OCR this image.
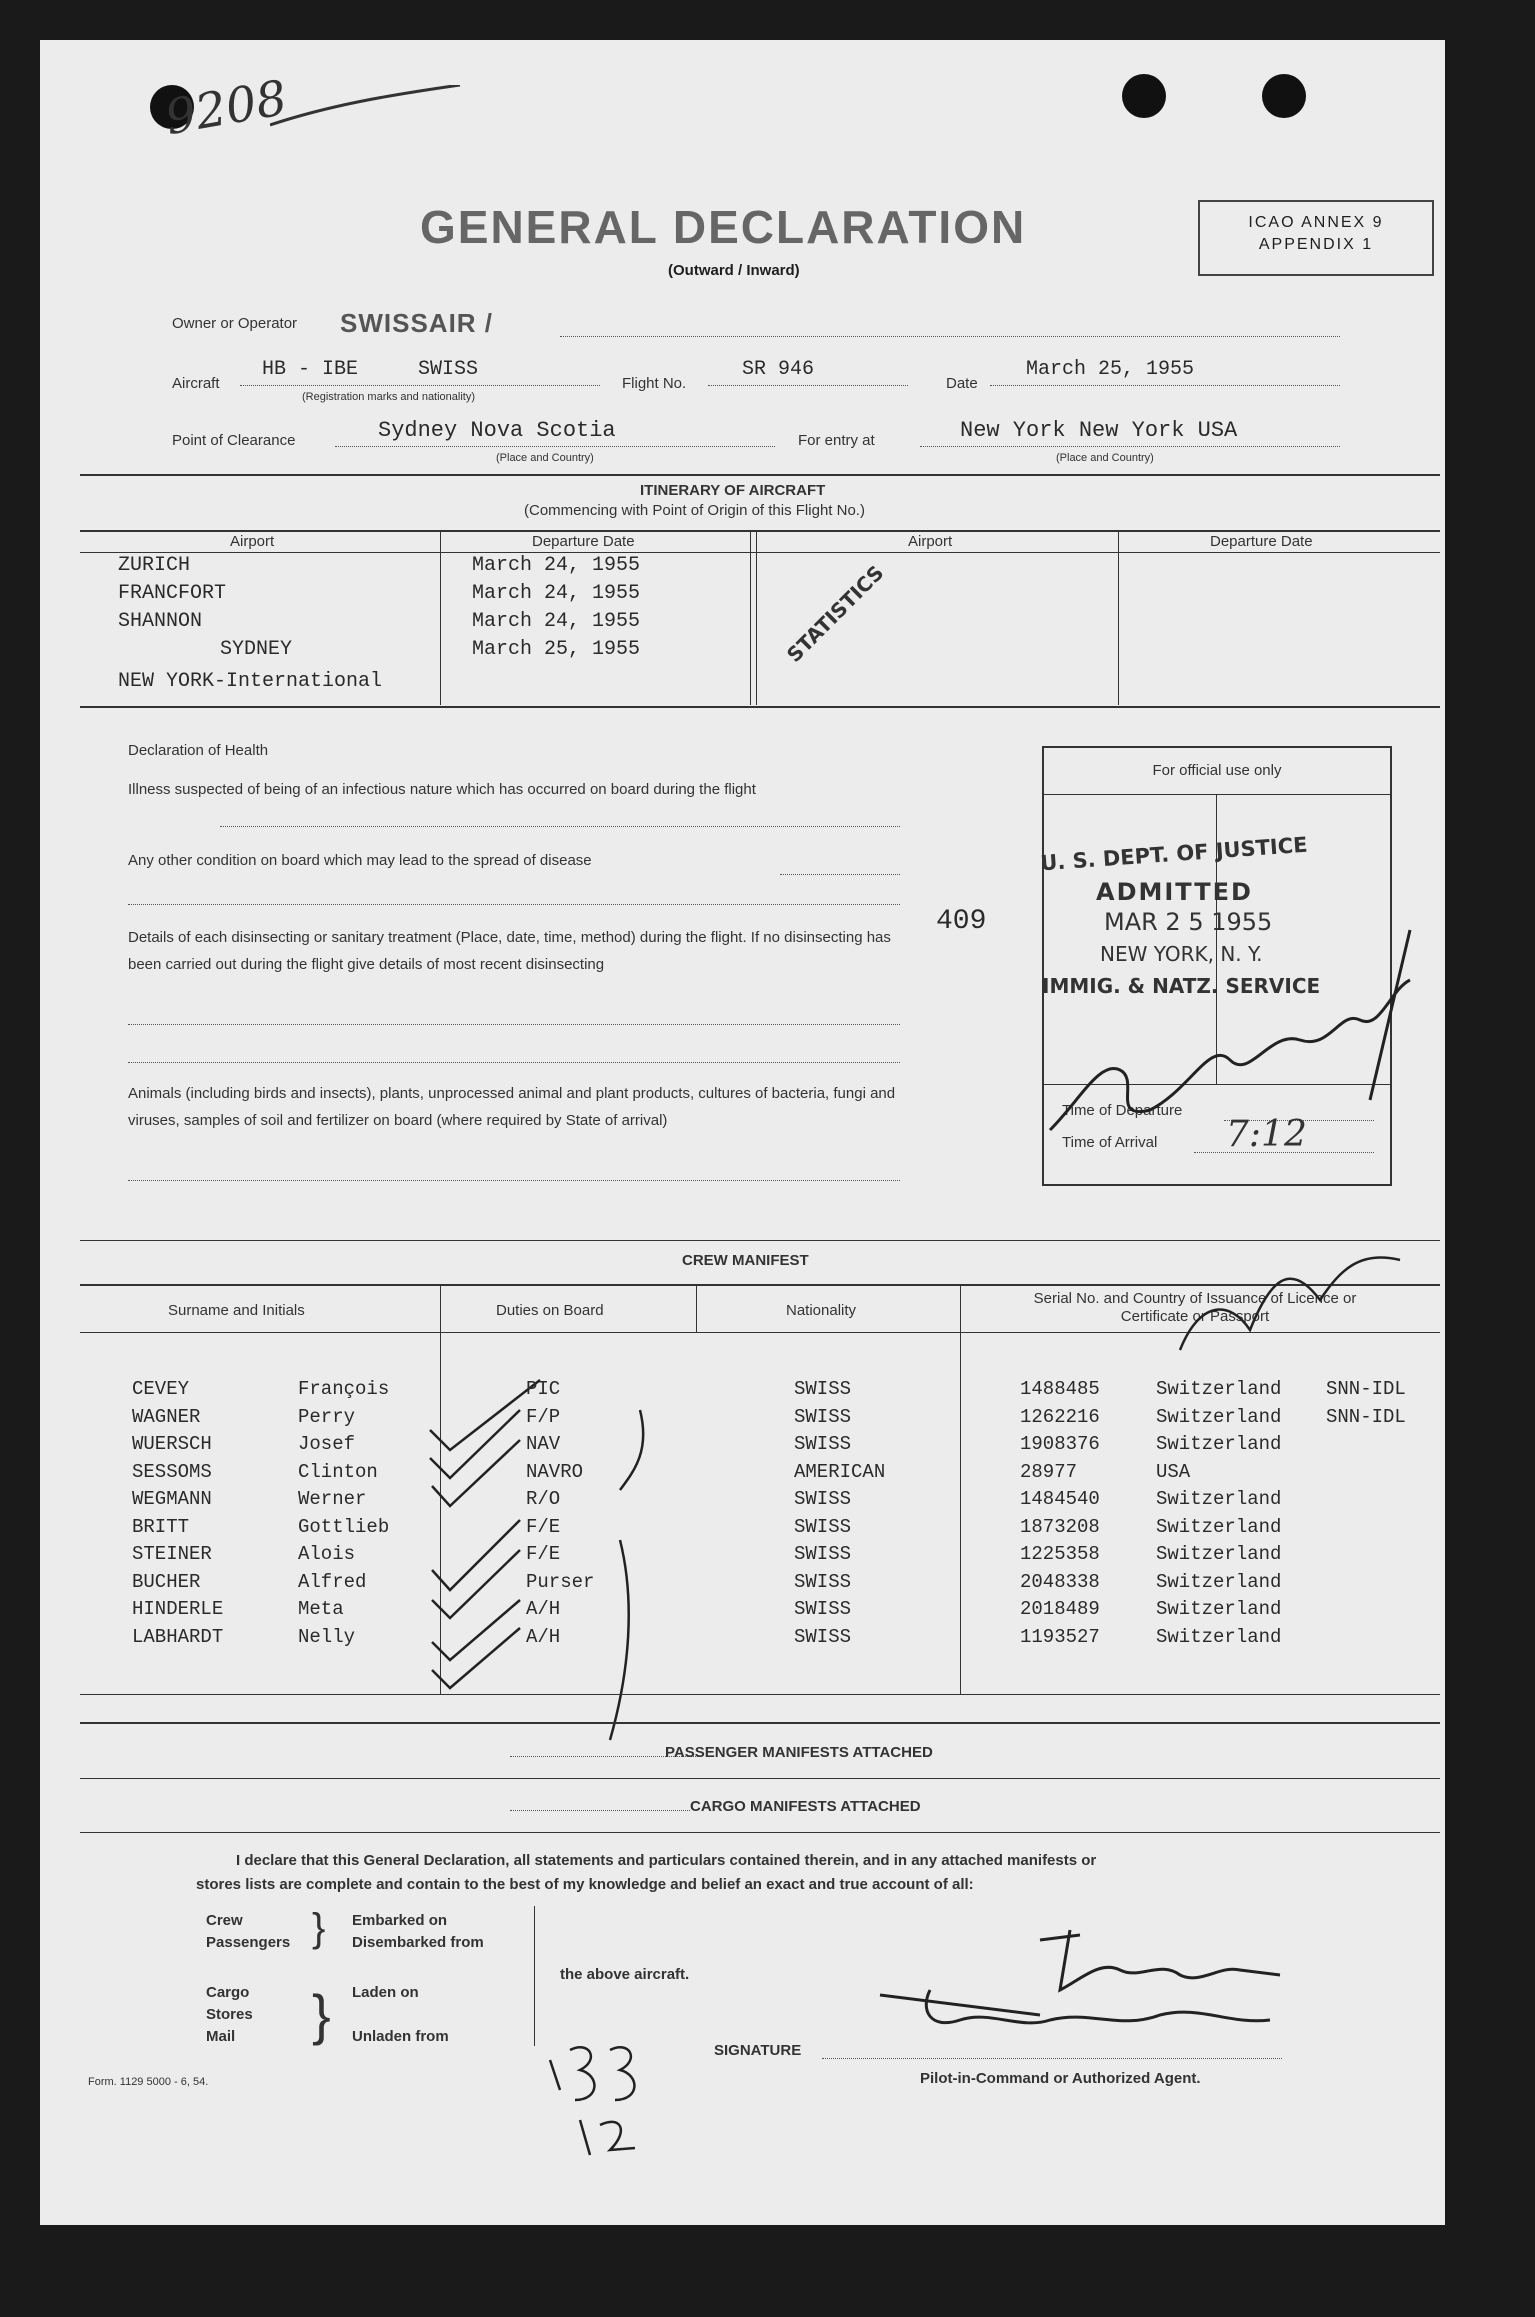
9208
GENERAL DECLARATION
(Outward / Inward)
ICAO ANNEX 9
APPENDIX 1
Owner or Operator SWISSAIR /
Aircraft
HB - IBE     SWISS
(Registration marks and nationality)
Flight No.
SR 946
Date
March 25, 1955
Point of Clearance	Sydney Nova Scotia
(Place and Country)
For entry at	New York New York USA
(Place and Country)
ITINERARY OF AIRCRAFT
(Commencing with Point of Origin of this Flight No.)
Airport	Departure Date	Airport	Departure Date
ZURICH	March 24, 1955
FRANCFORT	March 24, 1955
SHANNON	March 24, 1955
SYDNEY	March 25, 1955
NEW YORK-International
STATISTICS
Declaration of Health
Illness suspected of being of an infectious nature which has occurred on board during the flight
Any other condition on board which may lead to the spread of disease
Details of each disinsecting or sanitary treatment (Place, date, time, method) during the flight. If no disinsecting has been carried out during the flight give details of most recent disinsecting
Animals (including birds and insects), plants, unprocessed animal and plant products, cultures of bacteria, fungi and viruses, samples of soil and fertilizer on board (where required by State of arrival)
409
For official use only
Time of Departure
Time of Arrival 7:12
U. S. DEPT. OF JUSTICE
ADMITTED
MAR 2 5 1955
NEW YORK, N. Y.
IMMIG. & NATZ. SERVICE
CREW MANIFEST
Surname and Initials	Duties on Board	Nationality
Serial No. and Country of Issuance of Licence or Certificate or Passport
PASSENGER MANIFESTS ATTACHED
CARGO MANIFESTS ATTACHED
I declare that this General Declaration, all statements and particulars contained therein, and in any attached manifests or
stores lists are complete and contain to the best of my knowledge and belief an exact and true account of all:
Crew
Passengers } Embarked on
Disembarked from
Cargo
Stores
Mail } Laden on
Unladen from
the above aircraft.
SIGNATURE
Pilot-in-Command or Authorized Agent.
Form. 1129 5000 - 6, 54.
CEVEY	François	PIC	SWISS	1488485	Switzerland SNN-IDL
WAGNER	Perry	F/P	SWISS	1262216	Switzerland SNN-IDL
WUERSCH	Josef	NAV	SWISS	1908376	Switzerland
SESSOMS	Clinton	NAVRO	AMERICAN	28977	USA
WEGMANN	Werner	R/O	SWISS	1484540	Switzerland
BRITT	Gottlieb	F/E	SWISS	1873208	Switzerland
STEINER	Alois	F/E	SWISS	1225358	Switzerland
BUCHER	Alfred	Purser	SWISS	2048338	Switzerland
HINDERLE	Meta	A/H	SWISS	2018489	Switzerland
LABHARDT	Nelly	A/H	SWISS	1193527	Switzerland
